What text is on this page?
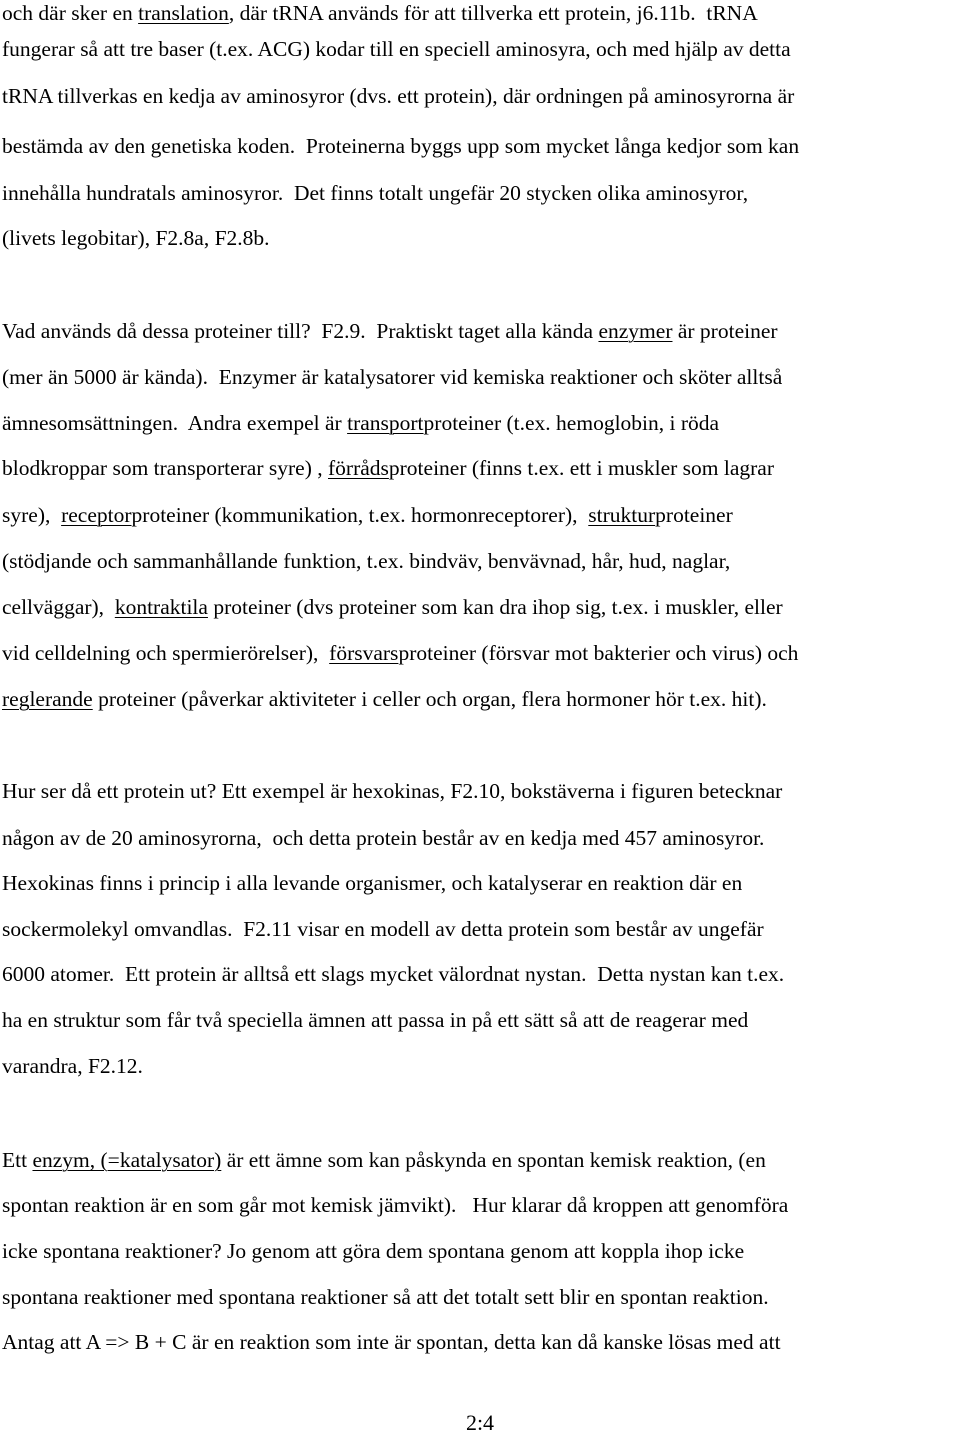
och där sker en translation, där tRNA används för att tillverka ett protein, j6.11b.  tRNA
fungerar så att tre baser (t.ex. ACG) kodar till en speciell aminosyra, och med hjälp av detta
tRNA tillverkas en kedja av aminosyror (dvs. ett protein), där ordningen på aminosyrorna är
bestämda av den genetiska koden.  Proteinerna byggs upp som mycket långa kedjor som kan
innehålla hundratals aminosyror.  Det finns totalt ungefär 20 stycken olika aminosyror,
(livets legobitar), F2.8a, F2.8b.
Vad används då dessa proteiner till?  F2.9.  Praktiskt taget alla kända enzymer är proteiner
(mer än 5000 är kända).  Enzymer är katalysatorer vid kemiska reaktioner och sköter alltså
ämnesomsättningen.  Andra exempel är transportproteiner (t.ex. hemoglobin, i röda
blodkroppar som transporterar syre) , förrådsproteiner (finns t.ex. ett i muskler som lagrar
syre),  receptorproteiner (kommunikation, t.ex. hormonreceptorer),  strukturproteiner
(stödjande och sammanhållande funktion, t.ex. bindväv, benvävnad, hår, hud, naglar,
cellväggar),  kontraktila proteiner (dvs proteiner som kan dra ihop sig, t.ex. i muskler, eller
vid celldelning och spermierörelser),  försvarsproteiner (försvar mot bakterier och virus) och
reglerande proteiner (påverkar aktiviteter i celler och organ, flera hormoner hör t.ex. hit).
Hur ser då ett protein ut? Ett exempel är hexokinas, F2.10, bokstäverna i figuren betecknar
någon av de 20 aminosyrorna,  och detta protein består av en kedja med 457 aminosyror.
Hexokinas finns i princip i alla levande organismer, och katalyserar en reaktion där en
sockermolekyl omvandlas.  F2.11 visar en modell av detta protein som består av ungefär
6000 atomer.  Ett protein är alltså ett slags mycket välordnat nystan.  Detta nystan kan t.ex.
ha en struktur som får två speciella ämnen att passa in på ett sätt så att de reagerar med
varandra, F2.12.
Ett enzym, (=katalysator) är ett ämne som kan påskynda en spontan kemisk reaktion, (en
spontan reaktion är en som går mot kemisk jämvikt).   Hur klarar då kroppen att genomföra
icke spontana reaktioner? Jo genom att göra dem spontana genom att koppla ihop icke
spontana reaktioner med spontana reaktioner så att det totalt sett blir en spontan reaktion.
Antag att A => B + C är en reaktion som inte är spontan, detta kan då kanske lösas med att
2:4
